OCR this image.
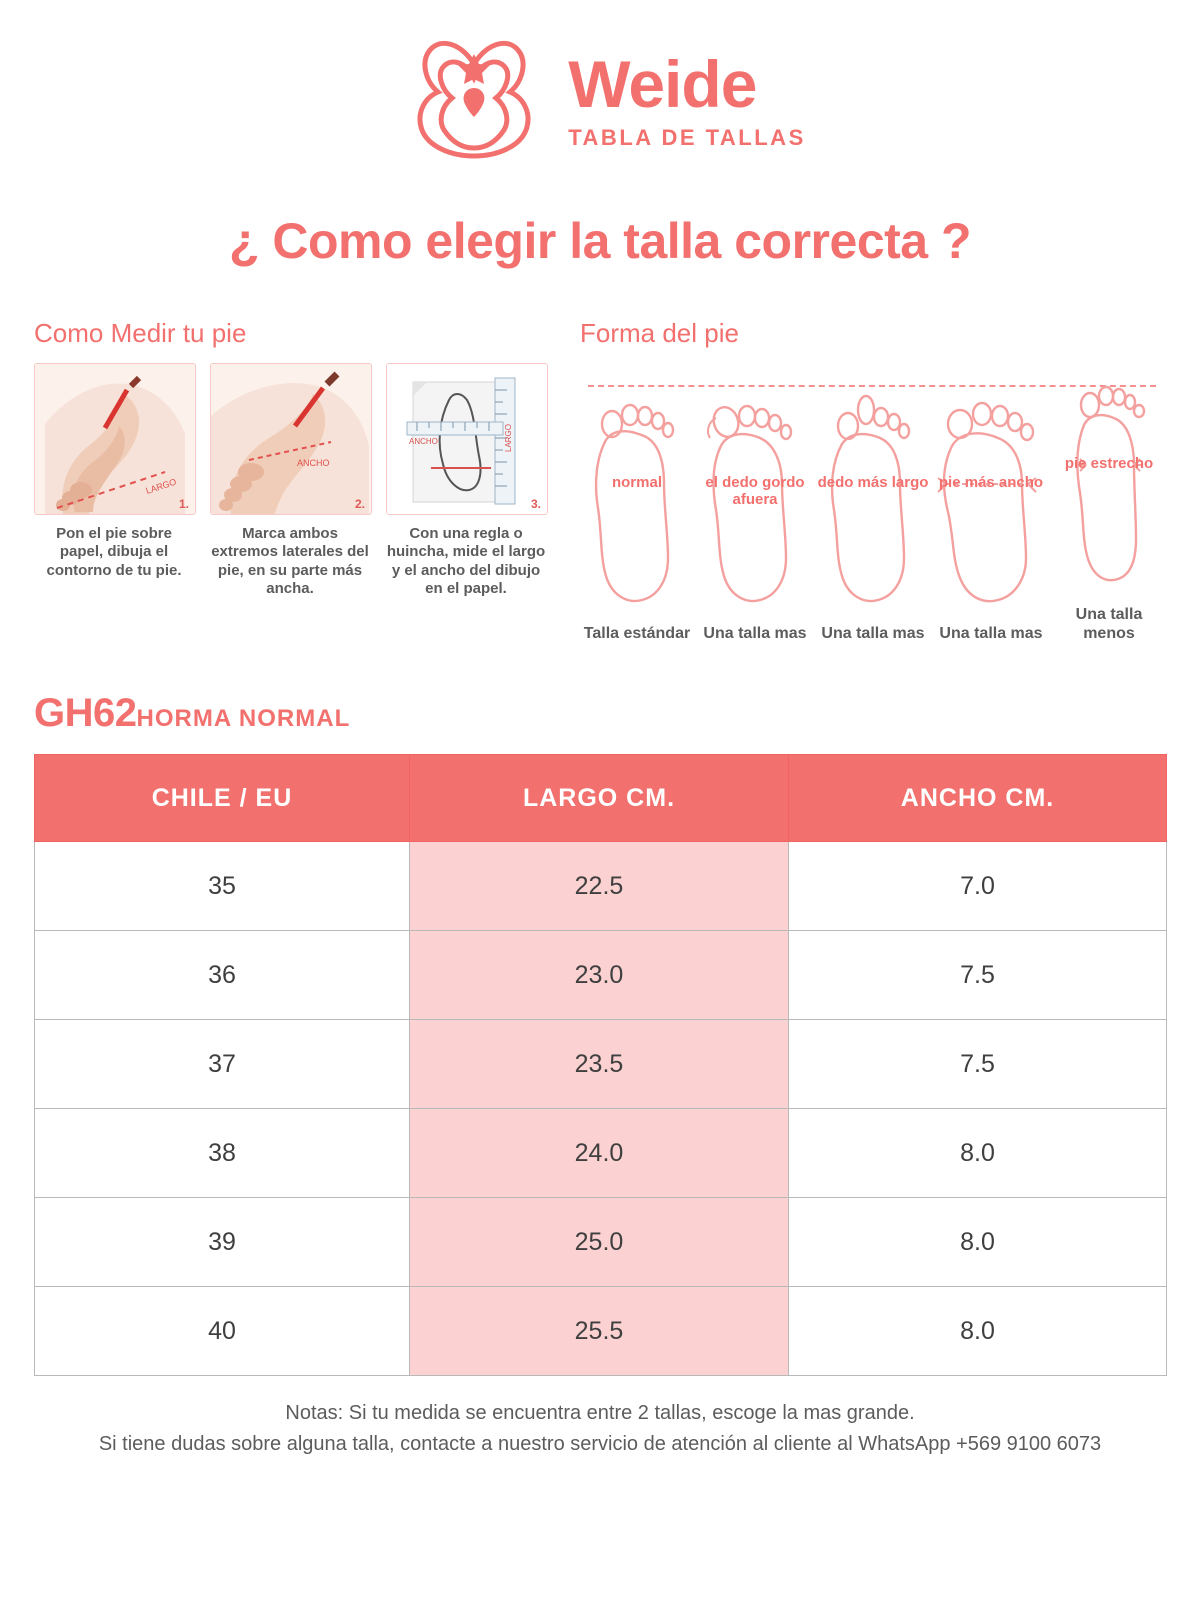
Weide
TABLA DE TALLAS
¿ Como elegir la talla correcta ?
Como Medir tu pie
LARGO
1.
Pon el pie sobre papel, dibuja el contorno de tu pie.
ANCHO
2.
Marca ambos extremos laterales del pie, en su parte más ancha.
LARGO
ANCHO
3.
Con una regla o huincha, mide el largo y el ancho del dibujo en el papel.
Forma del pie
normal
Talla estándar
el dedo gordo afuera
Una talla mas
dedo más largo
Una talla mas
pie más ancho
Una talla mas
pie estrecho
Una talla menos
GH62 HORMA NORMAL
CHILE / EU	LARGO CM.	ANCHO CM.
35	22.5	7.0
36	23.0	7.5
37	23.5	7.5
38	24.0	8.0
39	25.0	8.0
40	25.5	8.0
Notas: Si tu medida se encuentra entre 2 tallas, escoge la mas grande.
Si tiene dudas sobre alguna talla, contacte a nuestro servicio de atención al cliente al WhatsApp +569 9100 6073
